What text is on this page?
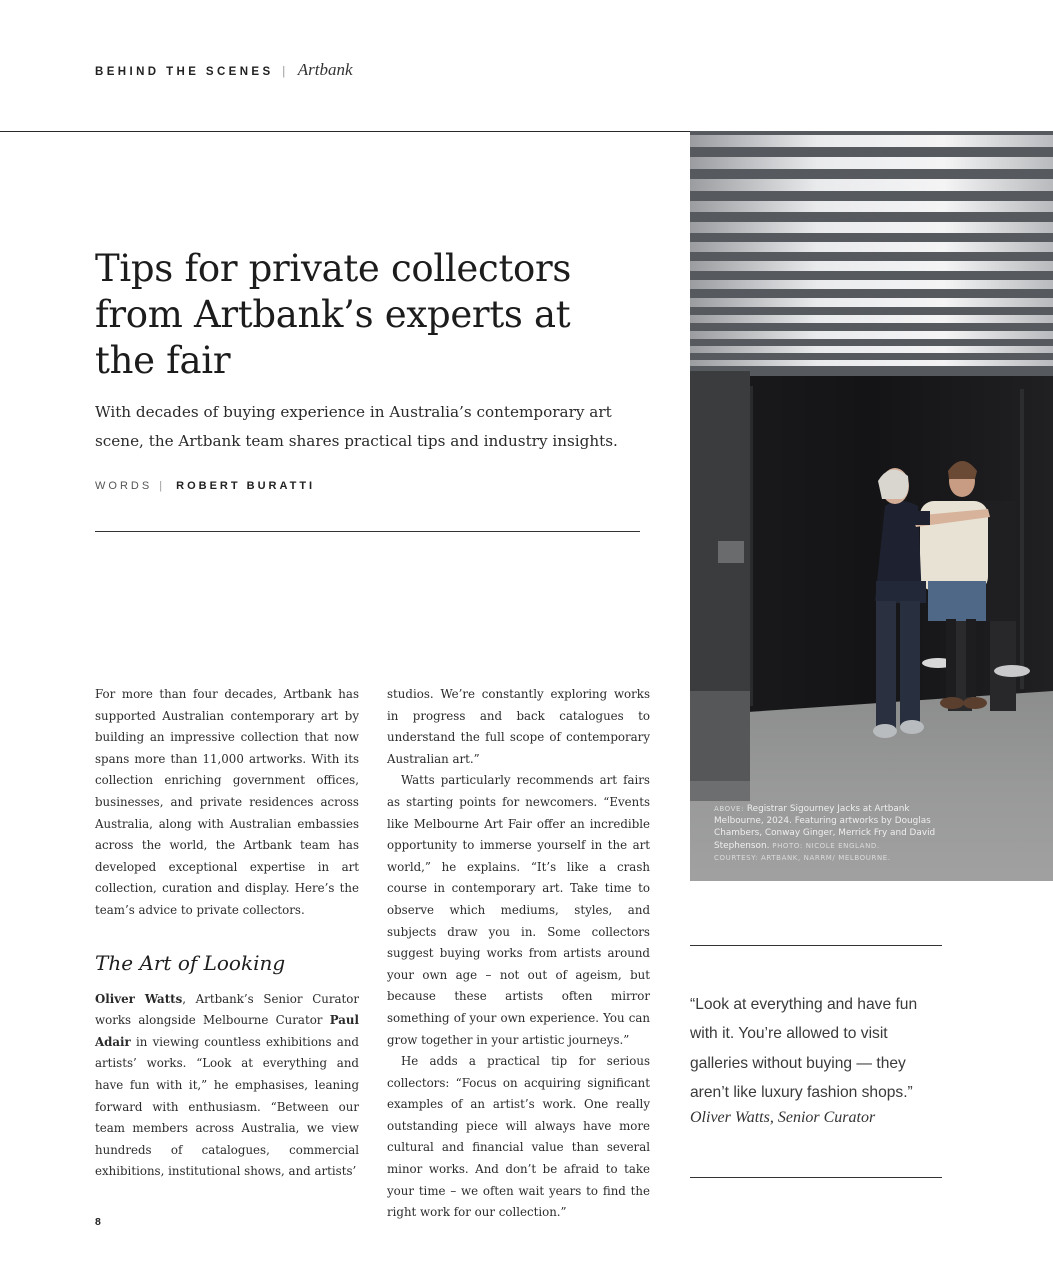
BEHIND THE SCENES | Artbank
ABOVE: Registrar Sigourney Jacks at Artbank Melbourne, 2024. Featuring artworks by Douglas Chambers, Conway Ginger, Merrick Fry and David Stephenson. PHOTO: NICOLE ENGLAND.
COURTESY: ARTBANK, NARRM/ MELBOURNE.
Tips for private collectors from Artbank’s experts at the fair

With decades of buying experience in Australia’s contemporary art scene, the Artbank team shares practical tips and industry insights.

WORDS | ROBERT BURATTI

For more than four decades, Artbank has supported Australian contemporary art by building an impressive collection that now spans more than 11,000 artworks. With its collection enriching government offices, businesses, and private residences across Australia, along with Australian embassies across the world, the Artbank team has developed exceptional expertise in art collection, curation and display. Here’s the team’s advice to private collectors.

The Art of Looking

Oliver Watts, Artbank’s Senior Curator works alongside Melbourne Curator Paul Adair in viewing countless exhibitions and artists’ works. “Look at everything and have fun with it,” he emphasises, leaning forward with enthusiasm. “Between our team members across Australia, we view hundreds of catalogues, commercial exhibitions, institutional shows, and artists’

studios. We’re constantly exploring works in progress and back catalogues to understand the full scope of contemporary Australian art.”

Watts particularly recommends art fairs as starting points for newcomers. “Events like Melbourne Art Fair offer an incredible opportunity to immerse yourself in the art world,” he explains. “It’s like a crash course in contemporary art. Take time to observe which mediums, styles, and subjects draw you in. Some collectors suggest buying works from artists around your own age – not out of ageism, but because these artists often mirror something of your own experience. You can grow together in your artistic journeys.”

He adds a practical tip for serious collectors: “Focus on acquiring significant examples of an artist’s work. One really outstanding piece will always have more cultural and financial value than several minor works. And don’t be afraid to take your time – we often wait years to find the right work for our collection.”

“Look at everything and have fun with it. You’re allowed to visit galleries without buying — they aren’t like luxury fashion shops.”

Oliver Watts, Senior Curator
8
